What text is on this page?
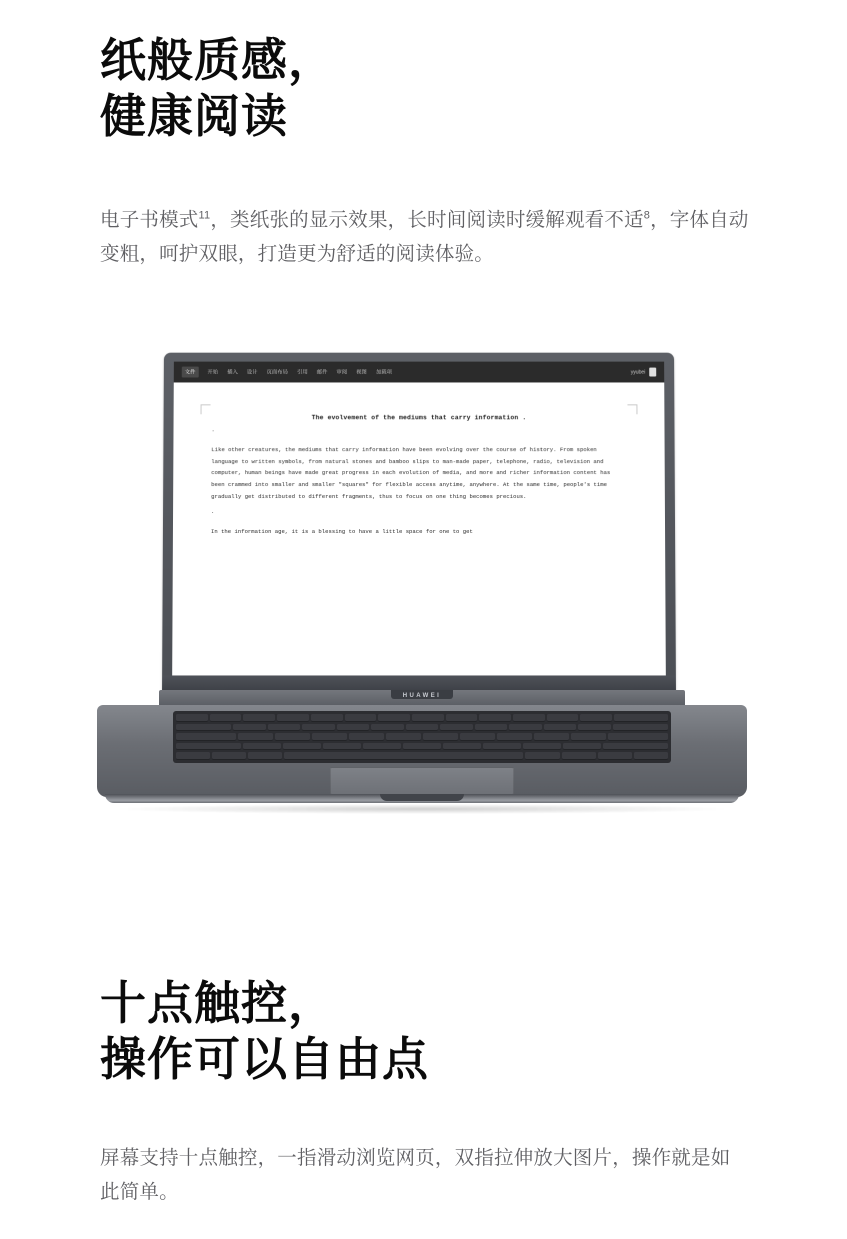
纸般质感，
健康阅读

电子书模式$^{11}$，类纸张的显示效果，长时间阅读时缓解观看不适$^8$，字体自动变粗，呵护双眼，打造更为舒适的阅读体验。

文件	开始 插入 设计 页面布局 引用 邮件 审阅 视图 加载项	yyubei

The evolvement of the mediums that carry information .

.

Like other creatures, the mediums that carry information have been evolving over the course of history. From spoken language to written symbols, from natural stones and bamboo slips to man-made paper, telephone, radio, television and computer, human beings have made great progress in each evolution of media, and more and richer information content has been crammed into smaller and smaller "squares" for flexible access anytime, anywhere. At the same time, people's time gradually get distributed to different fragments, thus to focus on one thing becomes precious.

.

In the information age, it is a blessing to have a little space for one to get

HUAWEI
十点触控，
操作可以自由点

屏幕支持十点触控，一指滑动浏览网页，双指拉伸放大图片，操作就是如此简单。
